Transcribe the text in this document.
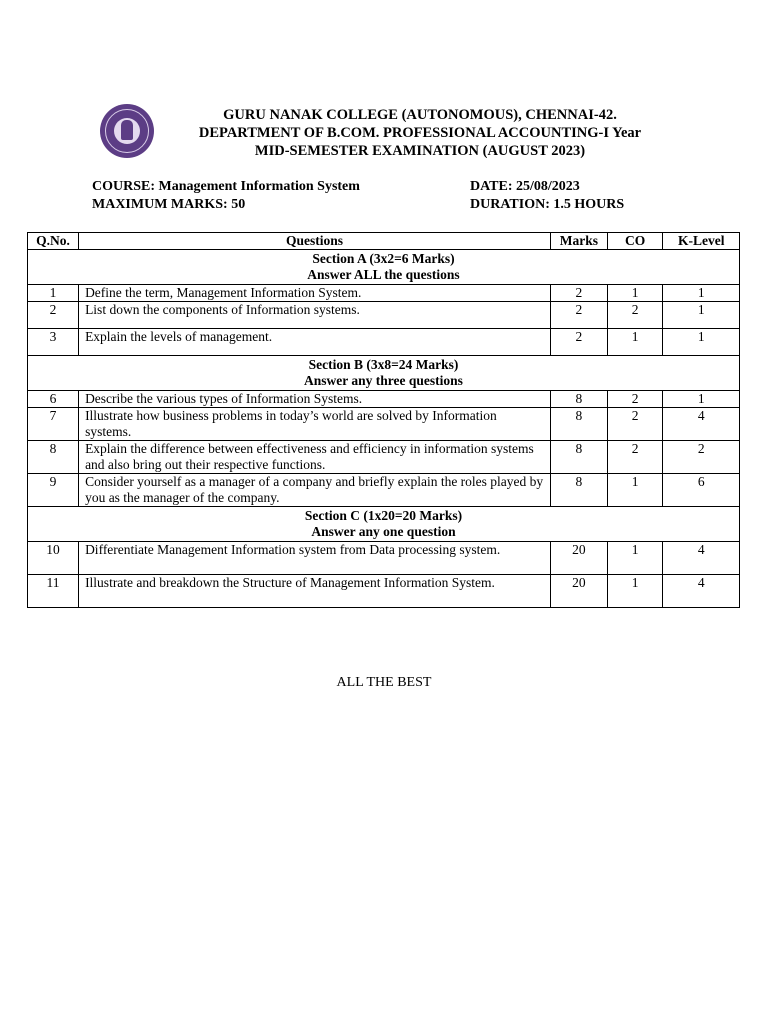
GURU NANAK COLLEGE (AUTONOMOUS), CHENNAI-42.
DEPARTMENT OF B.COM. PROFESSIONAL ACCOUNTING-I Year
MID-SEMESTER EXAMINATION (AUGUST 2023)
COURSE: Management Information System
MAXIMUM MARKS: 50
DATE: 25/08/2023
DURATION: 1.5 HOURS
Q.No.	Questions	Marks	CO	K-Level

Section A (3x2=6 Marks)
Answer ALL the questions				

1	Define the term, Management Information System.	2	1	1
2	List down the components of Information systems.	2	2	1
3	Explain the levels of management.	2	1	1

Section B (3x8=24 Marks)
Answer any three questions				

6	Describe the various types of Information Systems.	8	2	1
7	Illustrate how business problems in today’s world are solved by Information systems.	8	2	4
8	Explain the difference between effectiveness and efficiency in information systems and also bring out their respective functions.	8	2	2
9	Consider yourself as a manager of a company and briefly explain the roles played by you as the manager of the company.	8	1	6

Section C (1x20=20 Marks)
Answer any one question				

10	Differentiate Management Information system from Data processing system.	20	1	4
11	Illustrate and breakdown the Structure of Management Information System.	20	1	4
ALL THE BEST
